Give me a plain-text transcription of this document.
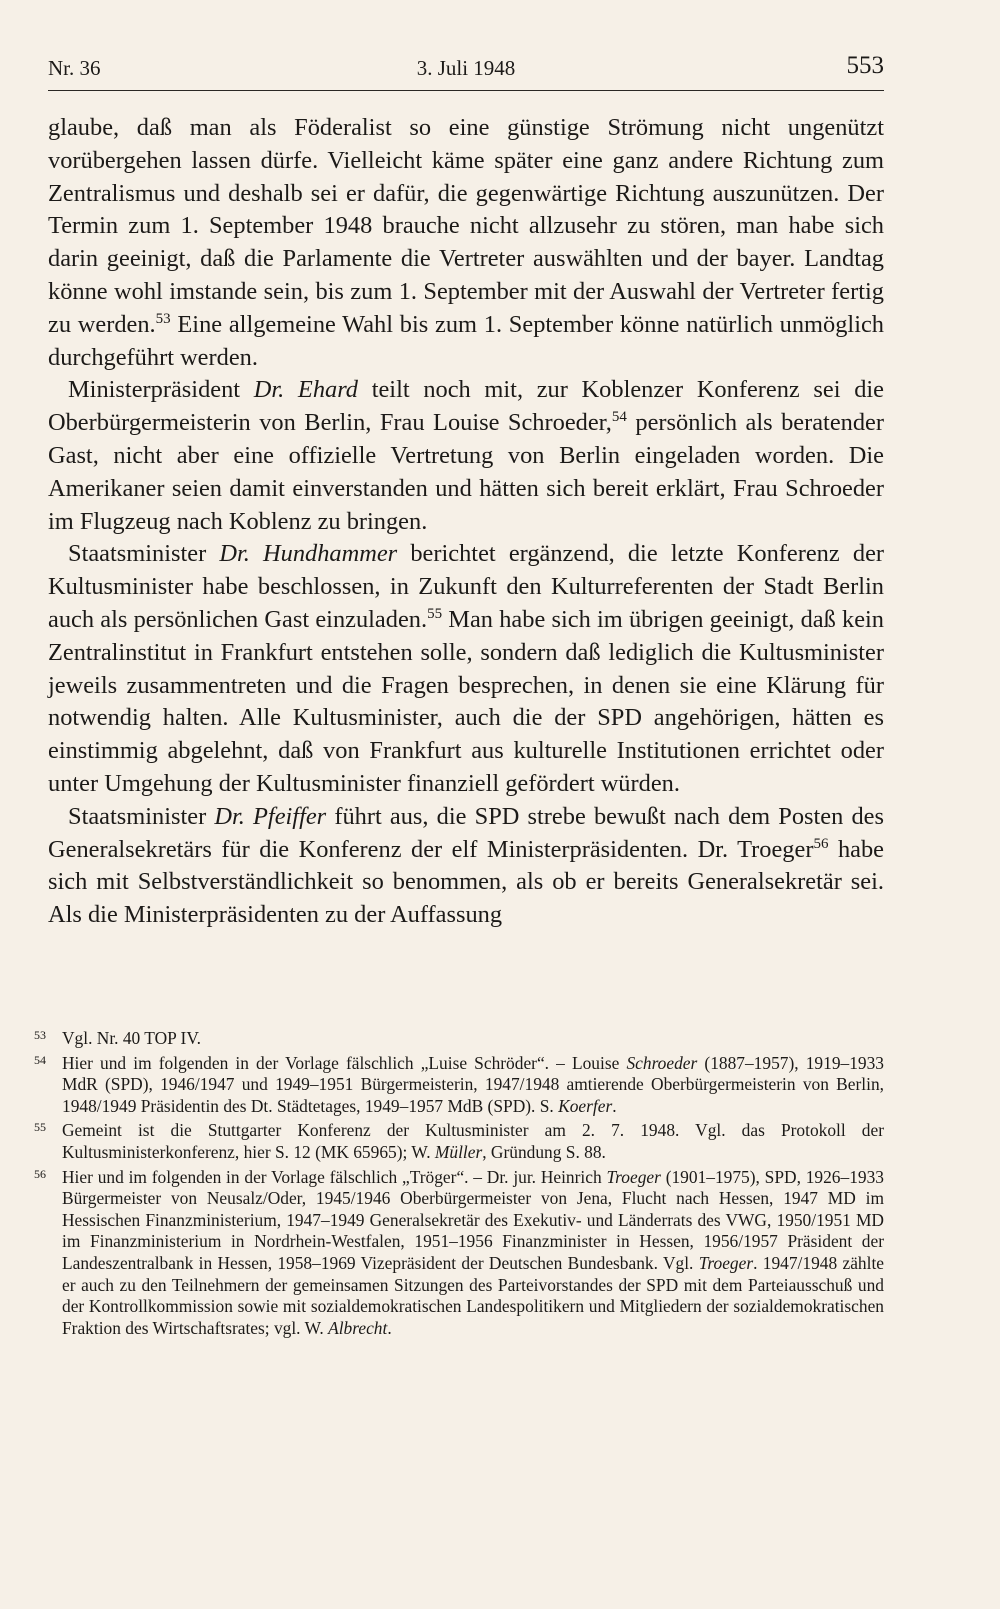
Nr. 36	3. Juli 1948	553

glaube, daß man als Föderalist so eine günstige Strömung nicht ungenützt vorübergehen lassen dürfe. Vielleicht käme später eine ganz andere Richtung zum Zentralismus und deshalb sei er dafür, die gegenwärtige Richtung auszunützen. Der Termin zum 1. September 1948 brauche nicht allzusehr zu stören, man habe sich darin geeinigt, daß die Parlamente die Vertreter auswählten und der bayer. Landtag könne wohl imstande sein, bis zum 1. September mit der Auswahl der Vertreter fertig zu werden.$^{53}$ Eine allgemeine Wahl bis zum 1. September könne natürlich unmöglich durchgeführt werden.

Ministerpräsident Dr. Ehard teilt noch mit, zur Koblenzer Konferenz sei die Oberbürgermeisterin von Berlin, Frau Louise Schroeder,$^{54}$ persönlich als beratender Gast, nicht aber eine offizielle Vertretung von Berlin eingeladen worden. Die Amerikaner seien damit einverstanden und hätten sich bereit erklärt, Frau Schroeder im Flugzeug nach Koblenz zu bringen.

Staatsminister Dr. Hundhammer berichtet ergänzend, die letzte Konferenz der Kultusminister habe beschlossen, in Zukunft den Kulturreferenten der Stadt Berlin auch als persönlichen Gast einzuladen.$^{55}$ Man habe sich im übrigen geeinigt, daß kein Zentralinstitut in Frankfurt entstehen solle, sondern daß lediglich die Kultusminister jeweils zusammentreten und die Fragen besprechen, in denen sie eine Klärung für notwendig halten. Alle Kultusminister, auch die der SPD angehörigen, hätten es einstimmig abgelehnt, daß von Frankfurt aus kulturelle Institutionen errichtet oder unter Umgehung der Kultusminister finanziell gefördert würden.

Staatsminister Dr. Pfeiffer führt aus, die SPD strebe bewußt nach dem Posten des Generalsekretärs für die Konferenz der elf Ministerpräsidenten. Dr. Troeger$^{56}$ habe sich mit Selbstverständlichkeit so benommen, als ob er bereits Generalsekretär sei. Als die Ministerpräsidenten zu der Auffassung

53 Vgl. Nr. 40 TOP IV.
54 Hier und im folgenden in der Vorlage fälschlich „Luise Schröder“. – Louise Schroeder (1887–1957), 1919–1933 MdR (SPD), 1946/1947 und 1949–1951 Bürgermeisterin, 1947/1948 amtierende Oberbürgermeisterin von Berlin, 1948/1949 Präsidentin des Dt. Städtetages, 1949–1957 MdB (SPD). S. Koerfer.
55 Gemeint ist die Stuttgarter Konferenz der Kultusminister am 2. 7. 1948. Vgl. das Protokoll der Kultusministerkonferenz, hier S. 12 (MK 65965); W. Müller, Gründung S. 88.
56 Hier und im folgenden in der Vorlage fälschlich „Tröger“. – Dr. jur. Heinrich Troeger (1901–1975), SPD, 1926–1933 Bürgermeister von Neusalz/Oder, 1945/1946 Oberbürgermeister von Jena, Flucht nach Hessen, 1947 MD im Hessischen Finanzministerium, 1947–1949 Generalsekretär des Exekutiv- und Länderrats des VWG, 1950/1951 MD im Finanzministerium in Nordrhein-Westfalen, 1951–1956 Finanzminister in Hessen, 1956/1957 Präsident der Landeszentralbank in Hessen, 1958–1969 Vizepräsident der Deutschen Bundesbank. Vgl. Troeger. 1947/1948 zählte er auch zu den Teilnehmern der gemeinsamen Sitzungen des Parteivorstandes der SPD mit dem Parteiausschuß und der Kontrollkommission sowie mit sozialdemokratischen Landespolitikern und Mitgliedern der sozialdemokratischen Fraktion des Wirtschaftsrates; vgl. W. Albrecht.
